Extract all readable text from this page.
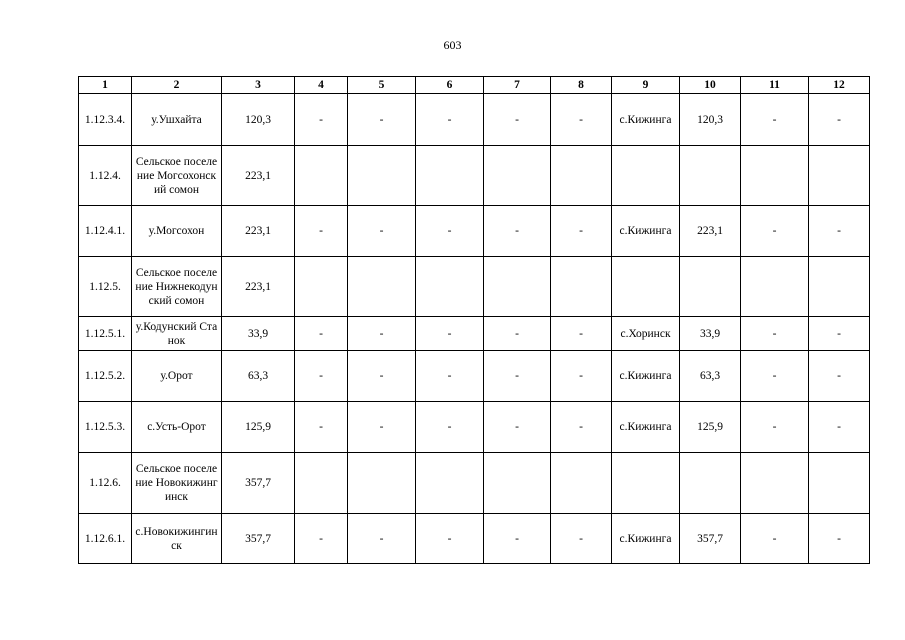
603
1	2	3	4	5	6	7	8	9	10	11	12
1.12.3.4.	у.Ушхайта	120,3	-	-	-	-	-	с.Кижинга	120,3	-	-
1.12.4.	Сельское поселение Могсохонский сомон	223,1									
1.12.4.1.	у.Могсохон	223,1	-	-	-	-	-	с.Кижинга	223,1	-	-
1.12.5.	Сельское поселение Нижнекодунский сомон	223,1									
1.12.5.1.	у.Кодунский Станок	33,9	-	-	-	-	-	с.Хоринск	33,9	-	-
1.12.5.2.	у.Орот	63,3	-	-	-	-	-	с.Кижинга	63,3	-	-
1.12.5.3.	с.Усть-Орот	125,9	-	-	-	-	-	с.Кижинга	125,9	-	-
1.12.6.	Сельское поселение Новокижингинск	357,7									
1.12.6.1.	с.Новокижингинск	357,7	-	-	-	-	-	с.Кижинга	357,7	-	-
